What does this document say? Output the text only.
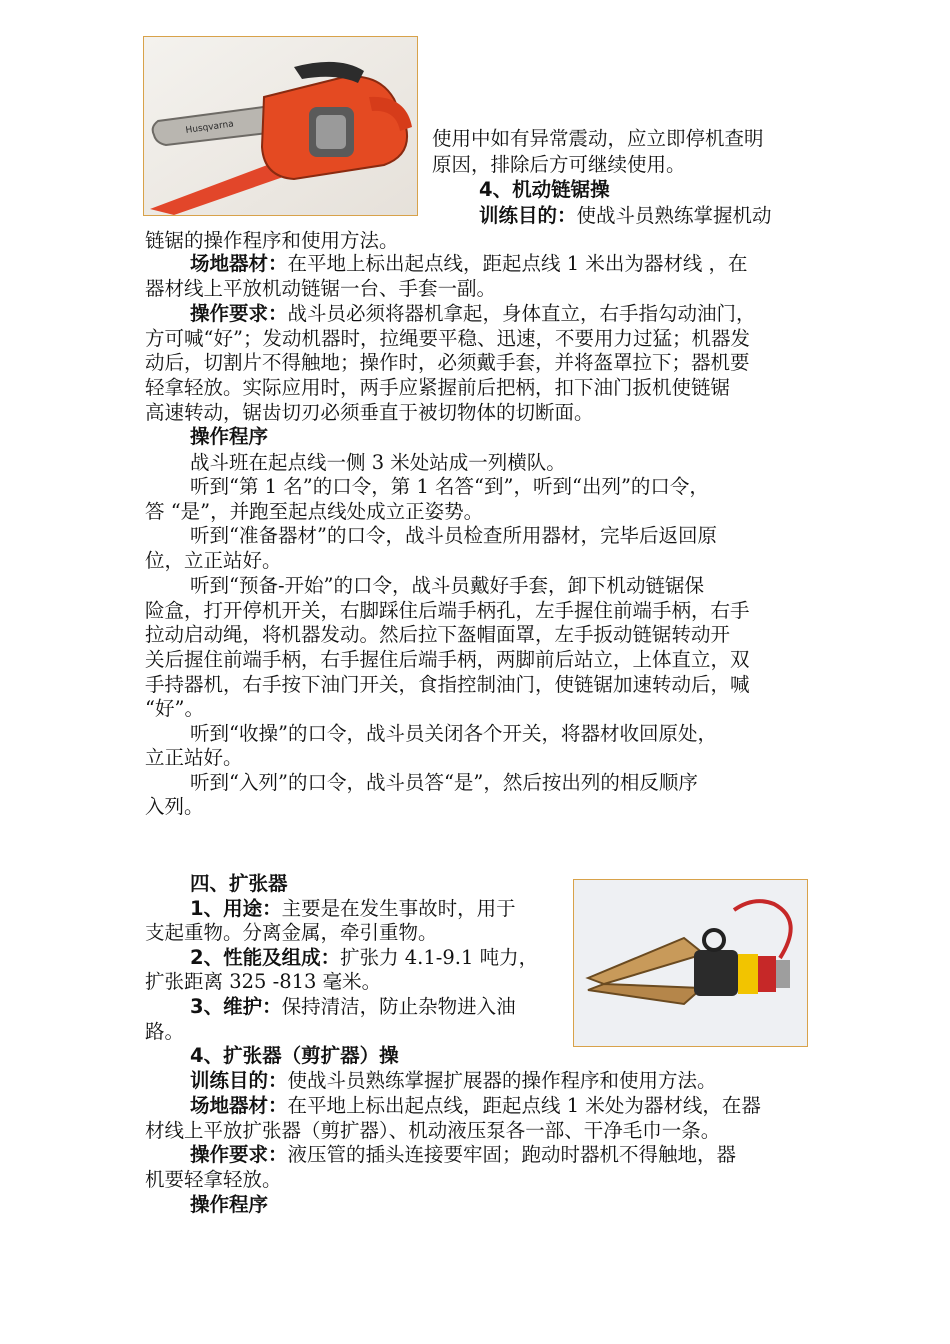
Husqvarna	使用中如有异常震动，应立即停机查明
原因，排除后方可继续使用。
4、机动链锯操
训练目的：使战斗员熟练掌握机动
链锯的操作程序和使用方法。
场地器材：在平地上标出起点线，距起点线 1 米出为器材线 ，在
器材线上平放机动链锯一台、手套一副。
操作要求：战斗员必须将器机拿起，身体直立，右手指勾动油门，
方可喊“好”；发动机器时，拉绳要平稳、迅速，不要用力过猛；机器发
动后，切割片不得触地；操作时，必须戴手套，并将盔罩拉下；器机要
轻拿轻放。实际应用时，两手应紧握前后把柄，扣下油门扳机使链锯
高速转动，锯齿切刃必须垂直于被切物体的切断面。
操作程序
战斗班在起点线一侧 3 米处站成一列横队。
听到“第 1 名”的口令，第 1 名答“到”，听到“出列”的口令，
答 “是”，并跑至起点线处成立正姿势。
听到“准备器材”的口令，战斗员检查所用器材，完毕后返回原
位，立正站好。
听到“预备-开始”的口令，战斗员戴好手套，卸下机动链锯保
险盒，打开停机开关，右脚踩住后端手柄孔，左手握住前端手柄，右手
拉动启动绳，将机器发动。然后拉下盔帽面罩，左手扳动链锯转动开
关后握住前端手柄，右手握住后端手柄，两脚前后站立，上体直立，双
手持器机，右手按下油门开关，食指控制油门，使链锯加速转动后，喊
“好”。
听到“收操”的口令，战斗员关闭各个开关，将器材收回原处，
立正站好。
听到“入列”的口令，战斗员答“是”，然后按出列的相反顺序
入列。
四、扩张器
1、用途：主要是在发生事故时，用于
支起重物。分离金属，牵引重物。
2、性能及组成：扩张力 4.1-9.1 吨力，
扩张距离 325 -813 毫米。
3、维护：保持清洁，防止杂物进入油
路。
4、扩张器（剪扩器）操
训练目的：使战斗员熟练掌握扩展器的操作程序和使用方法。
场地器材：在平地上标出起点线，距起点线 1 米处为器材线，在器
材线上平放扩张器（剪扩器）、机动液压泵各一部、干净毛巾一条。
操作要求：液压管的插头连接要牢固；跑动时器机不得触地，器
机要轻拿轻放。
操作程序
